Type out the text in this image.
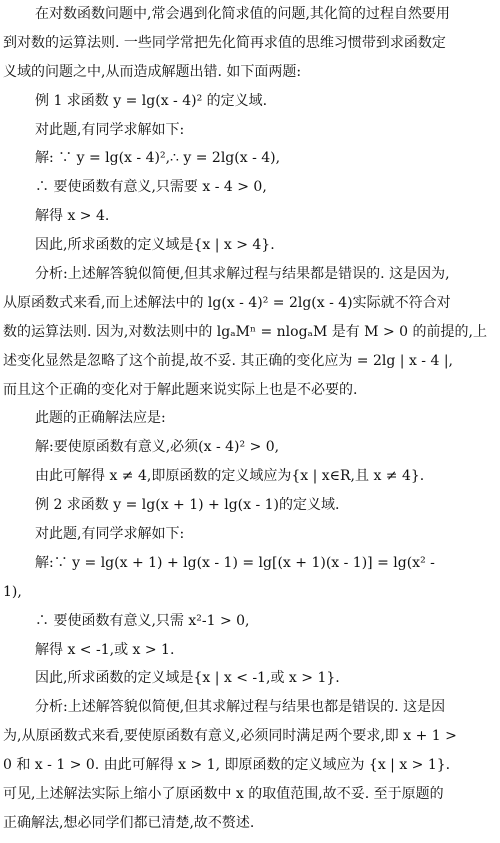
在对数函数问题中,常会遇到化简求值的问题,其化简的过程自然要用
到对数的运算法则. 一些同学常把先化简再求值的思维习惯带到求函数定
义域的问题之中,从而造成解题出错. 如下面两题:
例 1 求函数 y = lg(x - 4)² 的定义域.
对此题,有同学求解如下:
解: ∵ y = lg(x - 4)²,∴ y = 2lg(x - 4),
∴ 要使函数有意义,只需要 x - 4 > 0,
解得 x > 4.
因此,所求函数的定义域是{x | x > 4}.
分析:上述解答貌似简便,但其求解过程与结果都是错误的. 这是因为,
从原函数式来看,而上述解法中的 lg(x - 4)² = 2lg(x - 4)实际就不符合对
数的运算法则. 因为,对数法则中的 lgₐMⁿ = nlogₐM 是有 M > 0 的前提的,上
述变化显然是忽略了这个前提,故不妥. 其正确的变化应为 = 2lg | x - 4 |,
而且这个正确的变化对于解此题来说实际上也是不必要的.
此题的正确解法应是:
解:要使原函数有意义,必须(x - 4)² > 0,
由此可解得 x ≠ 4,即原函数的定义域应为{x | x∈R,且 x ≠ 4}.
例 2 求函数 y = lg(x + 1) + lg(x - 1)的定义域.
对此题,有同学求解如下:
解:∵ y = lg(x + 1) + lg(x - 1) = lg[(x + 1)(x - 1)] = lg(x² -
1),
∴ 要使函数有意义,只需 x²-1 > 0,
解得 x < -1,或 x > 1.
因此,所求函数的定义域是{x | x < -1,或 x > 1}.
分析:上述解答貌似简便,但其求解过程与结果也都是错误的. 这是因
为,从原函数式来看,要使原函数有意义,必须同时满足两个要求,即 x + 1 >
0 和 x - 1 > 0. 由此可解得 x > 1, 即原函数的定义域应为 {x | x > 1}.
可见,上述解法实际上缩小了原函数中 x 的取值范围,故不妥. 至于原题的
正确解法,想必同学们都已清楚,故不赘述.
